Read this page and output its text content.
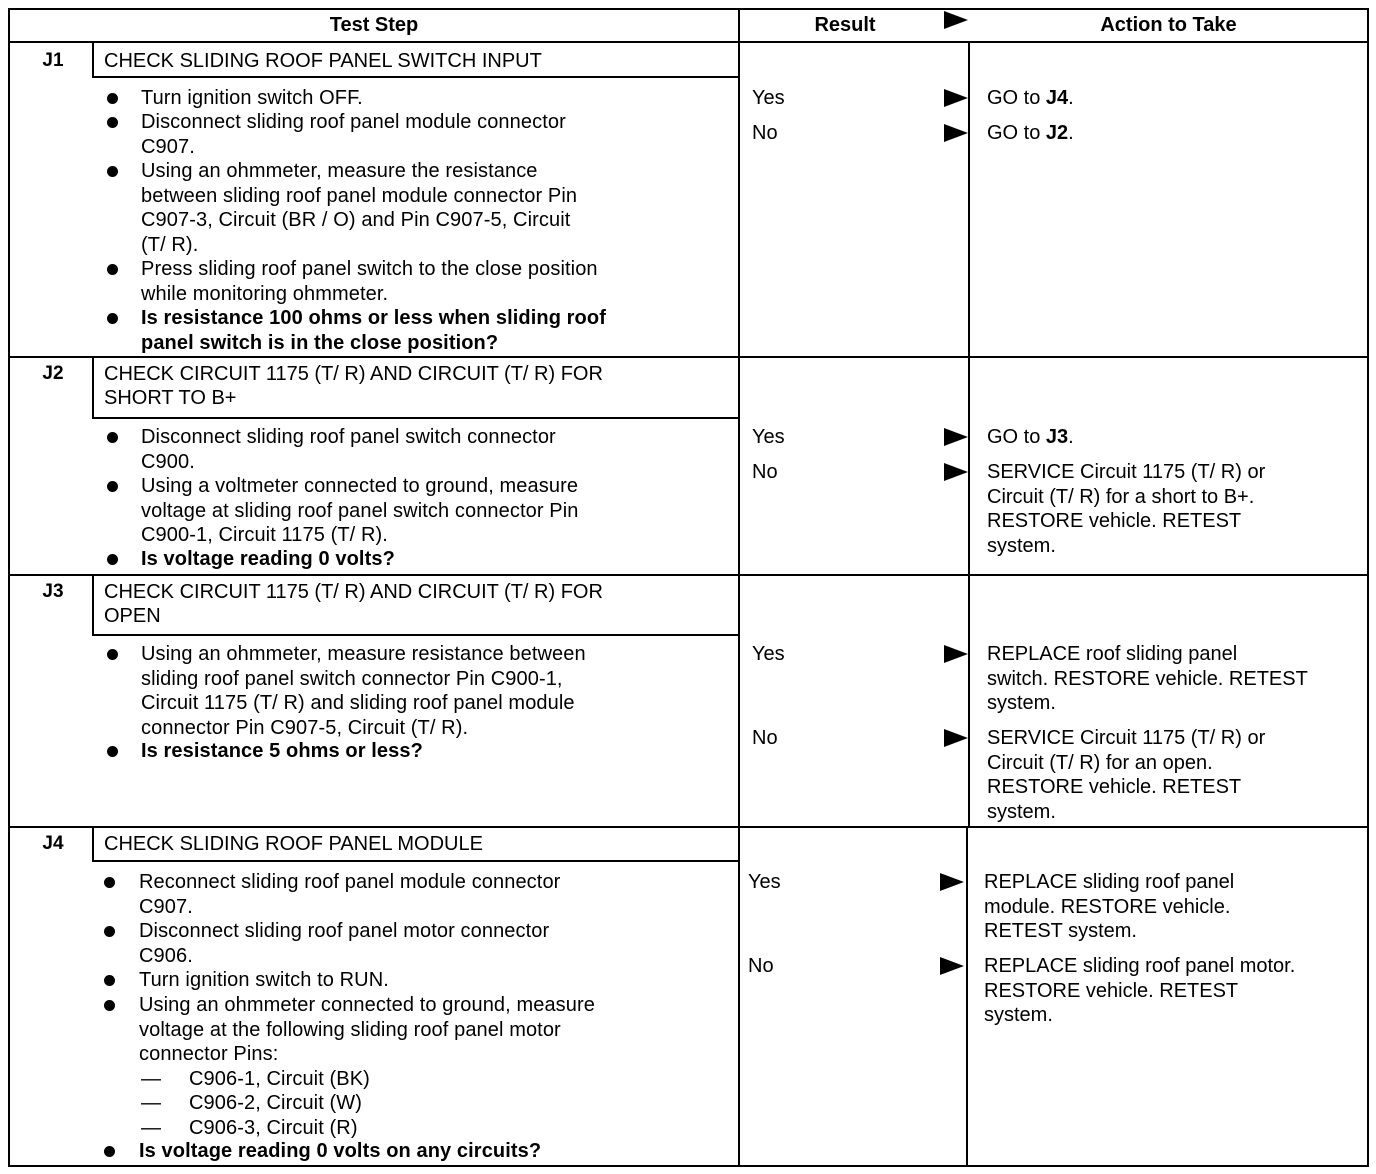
Test Step	Result	Action to Take
J1	CHECK SLIDING ROOF PANEL SWITCH INPUT
Turn ignition switch OFF.
Disconnect sliding roof panel module connector
C907.
Using an ohmmeter, measure the resistance
between sliding roof panel module connector Pin
C907-3, Circuit (BR / O) and Pin C907-5, Circuit
(T/ R).
Press sliding roof panel switch to the close position
while monitoring ohmmeter.
Is resistance 100 ohms or less when sliding roof
panel switch is in the close position?
Yes	GO to J4.
No	GO to J2.
J2	CHECK CIRCUIT 1175 (T/ R) AND CIRCUIT (T/ R) FOR
SHORT TO B+
Disconnect sliding roof panel switch connector
C900.
Using a voltmeter connected to ground, measure
voltage at sliding roof panel switch connector Pin
C900-1, Circuit 1175 (T/ R).
Is voltage reading 0 volts?
Yes	GO to J3.
No	SERVICE Circuit 1175 (T/ R) or
Circuit (T/ R) for a short to B+.
RESTORE vehicle. RETEST
system.
J3	CHECK CIRCUIT 1175 (T/ R) AND CIRCUIT (T/ R) FOR
OPEN
Using an ohmmeter, measure resistance between
sliding roof panel switch connector Pin C900-1,
Circuit 1175 (T/ R) and sliding roof panel module
connector Pin C907-5, Circuit (T/ R).
Is resistance 5 ohms or less?
Yes	REPLACE roof sliding panel
switch. RESTORE vehicle. RETEST
system.
No	SERVICE Circuit 1175 (T/ R) or
Circuit (T/ R) for an open.
RESTORE vehicle. RETEST
system.
J4	CHECK SLIDING ROOF PANEL MODULE
Reconnect sliding roof panel module connector
C907.
Disconnect sliding roof panel motor connector
C906.
Turn ignition switch to RUN.
Using an ohmmeter connected to ground, measure
voltage at the following sliding roof panel motor
connector Pins:
— C906-1, Circuit (BK)
— C906-2, Circuit (W)
— C906-3, Circuit (R)
Is voltage reading 0 volts on any circuits?
Yes	REPLACE sliding roof panel
module. RESTORE vehicle.
RETEST system.
No	REPLACE sliding roof panel motor.
RESTORE vehicle. RETEST
system.
